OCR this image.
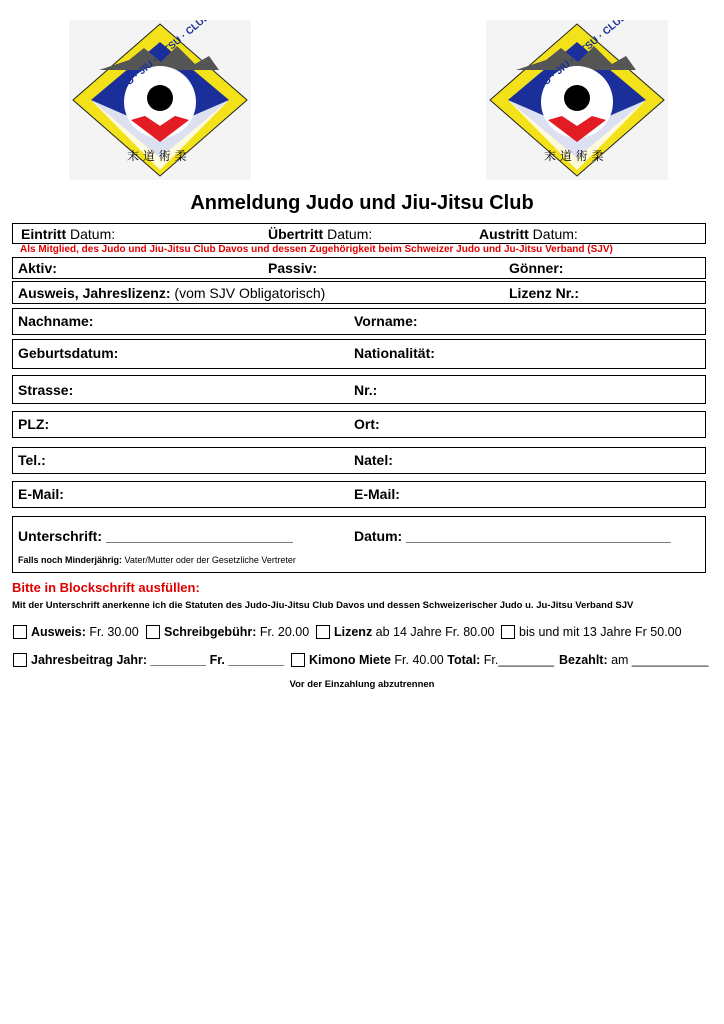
末 道 術 柔
JUDO · JIU · JITSU · CLUB
末 道 術 柔
JUDO · JIU · JITSU · CLUB
Anmeldung Judo und Jiu-Jitsu Club
Eintritt Datum:	Übertritt Datum:	Austritt Datum:
Als Mitglied, des Judo und Jiu-Jitsu Club Davos und dessen Zugehörigkeit beim Schweizer Judo und Ju-Jitsu Verband (SJV)
Aktiv:	Passiv:	Gönner:
Ausweis, Jahreslizenz: (vom SJV Obligatorisch)	Lizenz Nr.:
Nachname:	Vorname:
Geburtsdatum:	Nationalität:
Strasse:	Nr.:
PLZ:	Ort:
Tel.:	Natel:
E-Mail:	E-Mail:
Unterschrift: ________________________	Datum: __________________________________
Falls noch Minderjährig: Vater/Mutter oder der Gesetzliche Vertreter
Bitte in Blockschrift ausfüllen:
Mit der Unterschrift anerkenne ich die Statuten des Judo-Jiu-Jitsu Club Davos und dessen Schweizerischer Judo u. Ju-Jitsu Verband SJV
Ausweis: Fr. 30.00 Schreibgebühr: Fr. 20.00 Lizenz ab 14 Jahre Fr. 80.00 bis und mit 13 Jahre Fr 50.00
Jahresbeitrag Jahr: ________ Fr. ________ Kimono Miete Fr. 40.00 Total: Fr.________ Bezahlt: am ___________
Vor der Einzahlung abzutrennen
